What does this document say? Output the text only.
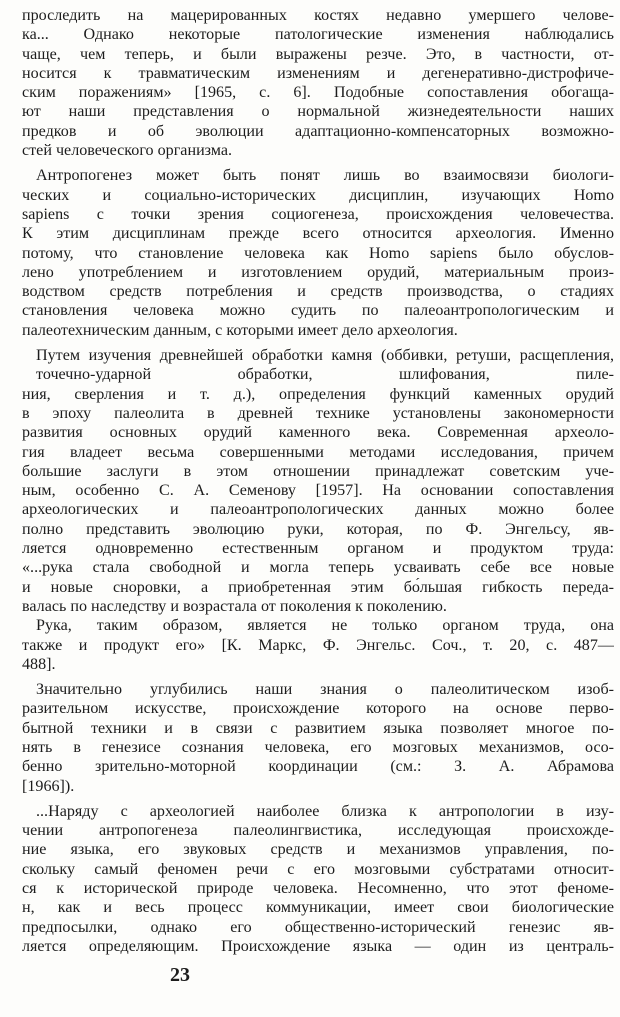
проследить на мацерированных костях недавно умершего челове-
ка... Однако некоторые патологические изменения наблюдались
чаще, чем теперь, и были выражены резче. Это, в частности, от-
носится к травматическим изменениям и дегенеративно-дистрофиче-
ским поражениям» [1965, с. 6]. Подобные сопоставления обогаща-
ют наши представления о нормальной жизнедеятельности наших
предков и об эволюции адаптационно-компенсаторных возможно-
стей человеческого организма.
Антропогенез может быть понят лишь во взаимосвязи биологи-
ческих и социально-исторических дисциплин, изучающих Homo
sapiens с точки зрения социогенеза, происхождения человечества.
К этим дисциплинам прежде всего относится археология. Именно
потому, что становление человека как Homo sapiens было обуслов-
лено употреблением и изготовлением орудий, материальным произ-
водством средств потребления и средств производства, о стадиях
становления человека можно судить по палеоантропологическим и
палеотехническим данным, с которыми имеет дело археология.
Путем изучения древнейшей обработки камня (оббивки, ретуши, расщепления, точечно-ударной обработки, шлифования, пиле-
ния, сверления и т. д.), определения функций каменных орудий
в эпоху палеолита в древней технике установлены закономерности
развития основных орудий каменного века. Современная археоло-
гия владеет весьма совершенными методами исследования, причем
большие заслуги в этом отношении принадлежат советским уче-
ным, особенно С. А. Семенову [1957]. На основании сопоставления
археологических и палеоантропологических данных можно более
полно представить эволюцию руки, которая, по Ф. Энгельсу, яв-
ляется одновременно естественным органом и продуктом труда:
«...рука стала свободной и могла теперь усваивать себе все новые
и новые сноровки, а приобретенная этим бо́льшая гибкость переда-
валась по наследству и возрастала от поколения к поколению.
Рука, таким образом, является не только органом труда, она
также и продукт его» [К. Маркс, Ф. Энгельс. Соч., т. 20, с. 487—
488].
Значительно углубились наши знания о палеолитическом изоб-
разительном искусстве, происхождение которого на основе перво-
бытной техники и в связи с развитием языка позволяет многое по-
нять в генезисе сознания человека, его мозговых механизмов, осо-
бенно зрительно-моторной координации (см.: З. А. Абрамова
[1966]).
...Наряду с археологией наиболее близка к антропологии в изу-
чении антропогенеза палеолингвистика, исследующая происхожде-
ние языка, его звуковых средств и механизмов управления, по-
скольку самый феномен речи с его мозговыми субстратами относит-
ся к исторической природе человека. Несомненно, что этот феноме-
н, как и весь процесс коммуникации, имеет свои биологические
предпосылки, однако его общественно-исторический генезис яв-
ляется определяющим. Происхождение языка — один из централь-
23
